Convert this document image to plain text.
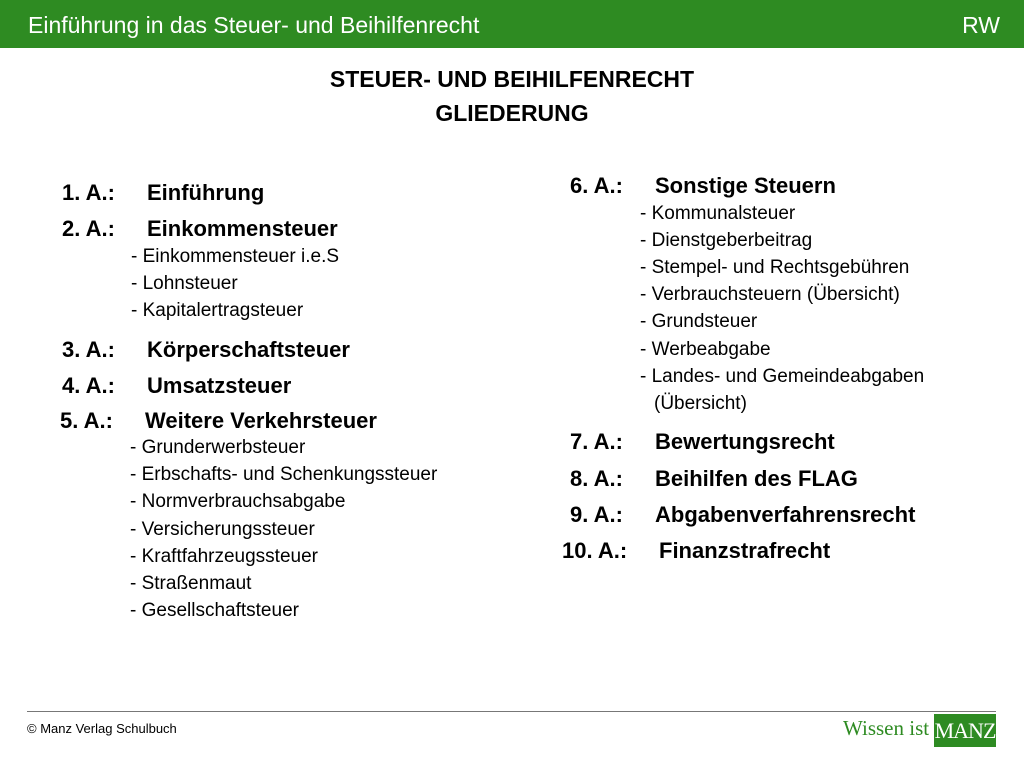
Einführung in das Steuer- und Beihilfenrecht	RW
STEUER- UND BEIHILFENRECHT
GLIEDERUNG
1. A.: Einführung
2. A.: Einkommensteuer
- Einkommensteuer i.e.S
- Lohnsteuer
- Kapitalertragsteuer
3. A.: Körperschaftsteuer
4. A.: Umsatzsteuer
5. A.: Weitere Verkehrsteuer
- Grunderwerbsteuer
- Erbschafts- und Schenkungssteuer
- Normverbrauchsabgabe
- Versicherungssteuer
- Kraftfahrzeugssteuer
- Straßenmaut
- Gesellschaftsteuer
6. A.: Sonstige Steuern
- Kommunalsteuer
- Dienstgeberbeitrag
- Stempel- und Rechtsgebühren
- Verbrauchsteuern (Übersicht)
- Grundsteuer
- Werbeabgabe
- Landes- und Gemeindeabgaben
(Übersicht)
7. A.: Bewertungsrecht
8. A.: Beihilfen des FLAG
9. A.: Abgabenverfahrensrecht
10. A.: Finanzstrafrecht
© Manz Verlag Schulbuch	Wissen ist MANZ
